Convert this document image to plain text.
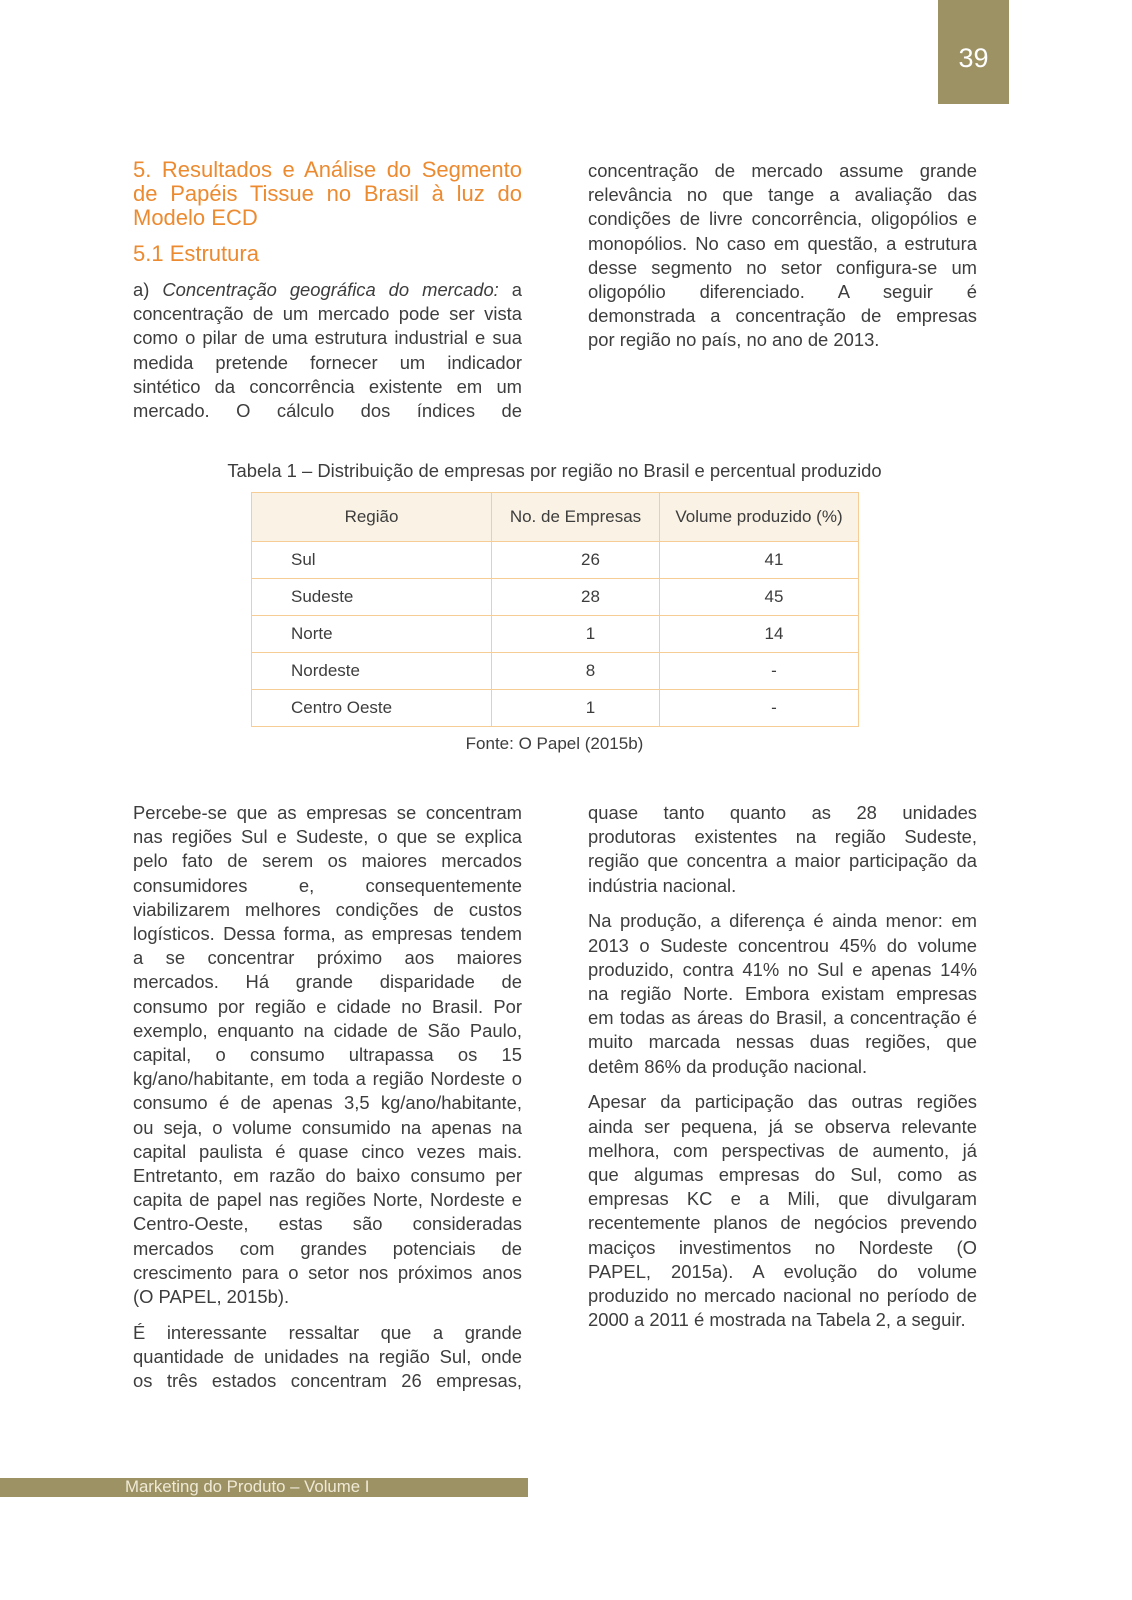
39
5. Resultados e Análise do Segmento
de Papéis Tissue no Brasil à luz do
Modelo ECD
5.1 Estrutura
a) Concentração geográfica do mercado: a
concentração de um mercado pode ser vista
como o pilar de uma estrutura industrial e sua
medida pretende fornecer um indicador
sintético da concorrência existente em um
mercado. O cálculo dos índices de
concentração de mercado assume grande
relevância no que tange a avaliação das
condições de livre concorrência, oligopólios e
monopólios. No caso em questão, a estrutura
desse segmento no setor configura-se um
oligopólio diferenciado. A seguir é
demonstrada a concentração de empresas
por região no país, no ano de 2013.
Tabela 1 – Distribuição de empresas por região no Brasil e percentual produzido
Região	No. de Empresas	Volume produzido (%)
Sul	26	41
Sudeste	28	45
Norte	1	14
Nordeste	8	-
Centro Oeste	1	-
Fonte: O Papel (2015b)
Percebe-se que as empresas se concentram
nas regiões Sul e Sudeste, o que se explica
pelo fato de serem os maiores mercados
consumidores e, consequentemente
viabilizarem melhores condições de custos
logísticos. Dessa forma, as empresas tendem
a se concentrar próximo aos maiores
mercados. Há grande disparidade de
consumo por região e cidade no Brasil. Por
exemplo, enquanto na cidade de São Paulo,
capital, o consumo ultrapassa os 15
kg/ano/habitante, em toda a região Nordeste o
consumo é de apenas 3,5 kg/ano/habitante,
ou seja, o volume consumido na apenas na
capital paulista é quase cinco vezes mais.
Entretanto, em razão do baixo consumo per
capita de papel nas regiões Norte, Nordeste e
Centro-Oeste, estas são consideradas
mercados com grandes potenciais de
crescimento para o setor nos próximos anos
(O PAPEL, 2015b).
É interessante ressaltar que a grande
quantidade de unidades na região Sul, onde
os três estados concentram 26 empresas,
quase tanto quanto as 28 unidades
produtoras existentes na região Sudeste,
região que concentra a maior participação da
indústria nacional.
Na produção, a diferença é ainda menor: em
2013 o Sudeste concentrou 45% do volume
produzido, contra 41% no Sul e apenas 14%
na região Norte. Embora existam empresas
em todas as áreas do Brasil, a concentração é
muito marcada nessas duas regiões, que
detêm 86% da produção nacional.
Apesar da participação das outras regiões
ainda ser pequena, já se observa relevante
melhora, com perspectivas de aumento, já
que algumas empresas do Sul, como as
empresas KC e a Mili, que divulgaram
recentemente planos de negócios prevendo
maciços investimentos no Nordeste (O
PAPEL, 2015a). A evolução do volume
produzido no mercado nacional no período de
2000 a 2011 é mostrada na Tabela 2, a seguir.
Marketing do Produto – Volume I
